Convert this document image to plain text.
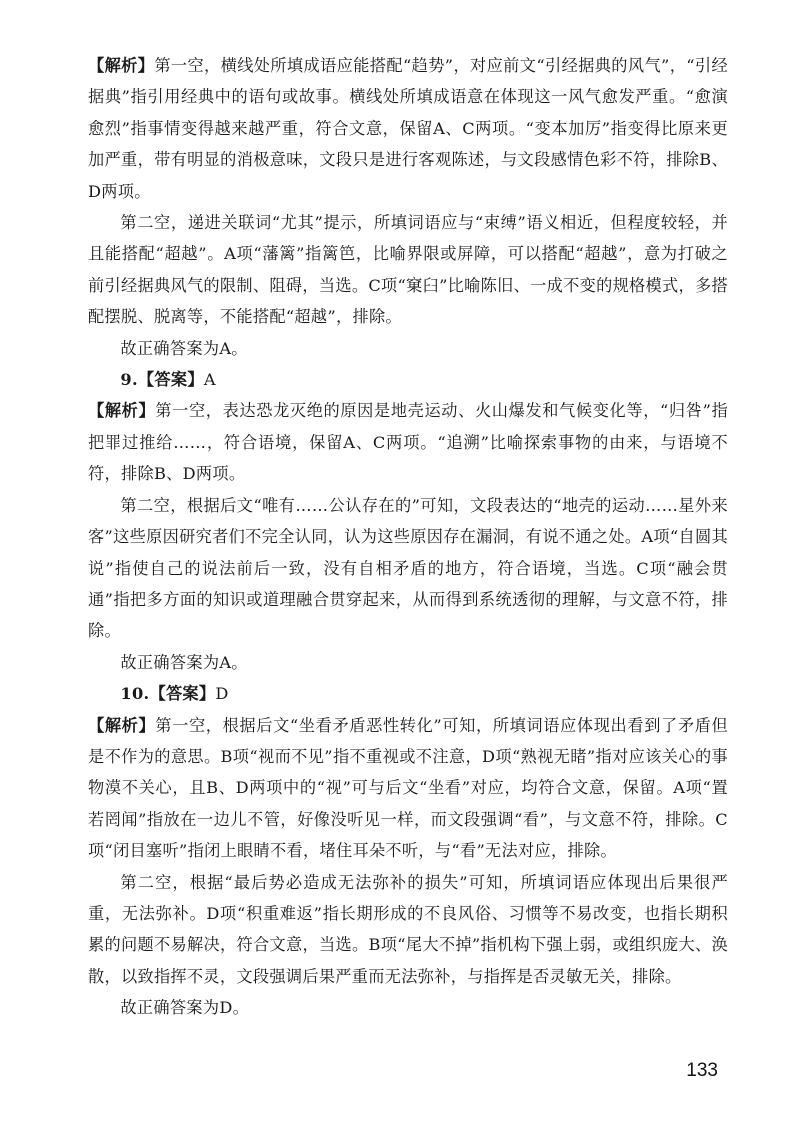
【解析】第一空，横线处所填成语应能搭配“趋势”，对应前文“引经据典的风气”，“引经据典”指引用经典中的语句或故事。横线处所填成语意在体现这一风气愈发严重。“愈演愈烈”指事情变得越来越严重，符合文意，保留A、C两项。“变本加厉”指变得比原来更加严重，带有明显的消极意味，文段只是进行客观陈述，与文段感情色彩不符，排除B、D两项。

第二空，递进关联词“尤其”提示，所填词语应与“束缚”语义相近，但程度较轻，并且能搭配“超越”。A项“藩篱”指篱笆，比喻界限或屏障，可以搭配“超越”，意为打破之前引经据典风气的限制、阻碍，当选。C项“窠臼”比喻陈旧、一成不变的规格模式，多搭配摆脱、脱离等，不能搭配“超越”，排除。

故正确答案为A。

9.【答案】A

【解析】第一空，表达恐龙灭绝的原因是地壳运动、火山爆发和气候变化等，“归咎”指把罪过推给……，符合语境，保留A、C两项。“追溯”比喻探索事物的由来，与语境不符，排除B、D两项。

第二空，根据后文“唯有……公认存在的”可知，文段表达的“地壳的运动……星外来客”这些原因研究者们不完全认同，认为这些原因存在漏洞，有说不通之处。A项“自圆其说”指使自己的说法前后一致，没有自相矛盾的地方，符合语境，当选。C项“融会贯通”指把多方面的知识或道理融合贯穿起来，从而得到系统透彻的理解，与文意不符，排除。

故正确答案为A。

10.【答案】D

【解析】第一空，根据后文“坐看矛盾恶性转化”可知，所填词语应体现出看到了矛盾但是不作为的意思。B项“视而不见”指不重视或不注意，D项“熟视无睹”指对应该关心的事物漠不关心，且B、D两项中的“视”可与后文“坐看”对应，均符合文意，保留。A项“置若罔闻”指放在一边儿不管，好像没听见一样，而文段强调“看”，与文意不符，排除。C项“闭目塞听”指闭上眼睛不看，堵住耳朵不听，与“看”无法对应，排除。

第二空，根据“最后势必造成无法弥补的损失”可知，所填词语应体现出后果很严重，无法弥补。D项“积重难返”指长期形成的不良风俗、习惯等不易改变，也指长期积累的问题不易解决，符合文意，当选。B项“尾大不掉”指机构下强上弱，或组织庞大、涣散，以致指挥不灵，文段强调后果严重而无法弥补，与指挥是否灵敏无关，排除。

故正确答案为D。

133
